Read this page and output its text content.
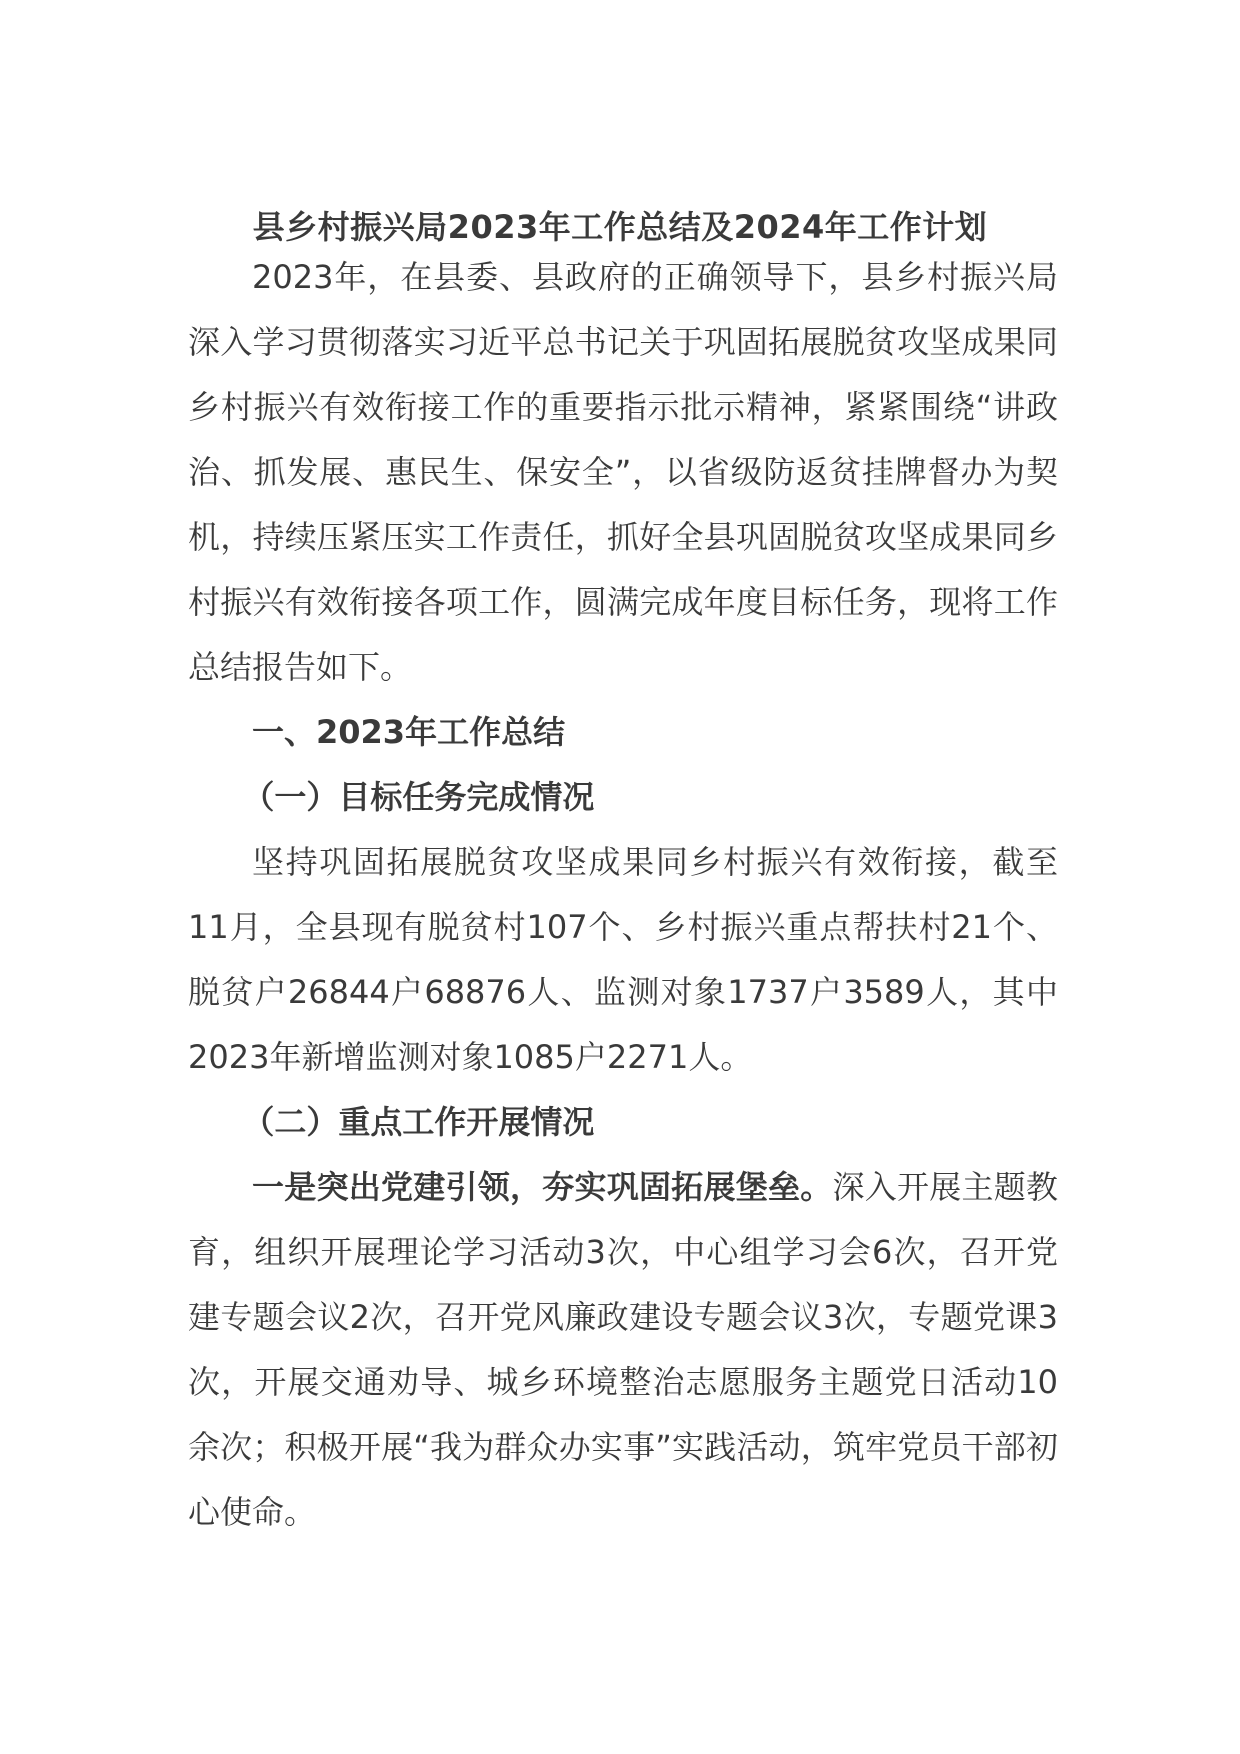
县乡村振兴局2023年工作总结及2024年工作计划

2023年，在县委、县政府的正确领导下，县乡村振兴局深入学习贯彻落实习近平总书记关于巩固拓展脱贫攻坚成果同乡村振兴有效衔接工作的重要指示批示精神，紧紧围绕“讲政治、抓发展、惠民生、保安全”，以省级防返贫挂牌督办为契机，持续压紧压实工作责任，抓好全县巩固脱贫攻坚成果同乡村振兴有效衔接各项工作，圆满完成年度目标任务，现将工作总结报告如下。

一、2023年工作总结

（一）目标任务完成情况

坚持巩固拓展脱贫攻坚成果同乡村振兴有效衔接，截至11月，全县现有脱贫村107个、乡村振兴重点帮扶村21个、脱贫户26844户68876人、监测对象1737户3589人，其中2023年新增监测对象1085户2271人。

（二）重点工作开展情况

一是突出党建引领，夯实巩固拓展堡垒。深入开展主题教育，组织开展理论学习活动3次，中心组学习会6次，召开党建专题会议2次，召开党风廉政建设专题会议3次，专题党课3次，开展交通劝导、城乡环境整治志愿服务主题党日活动10余次；积极开展“我为群众办实事”实践活动，筑牢党员干部初心使命。
